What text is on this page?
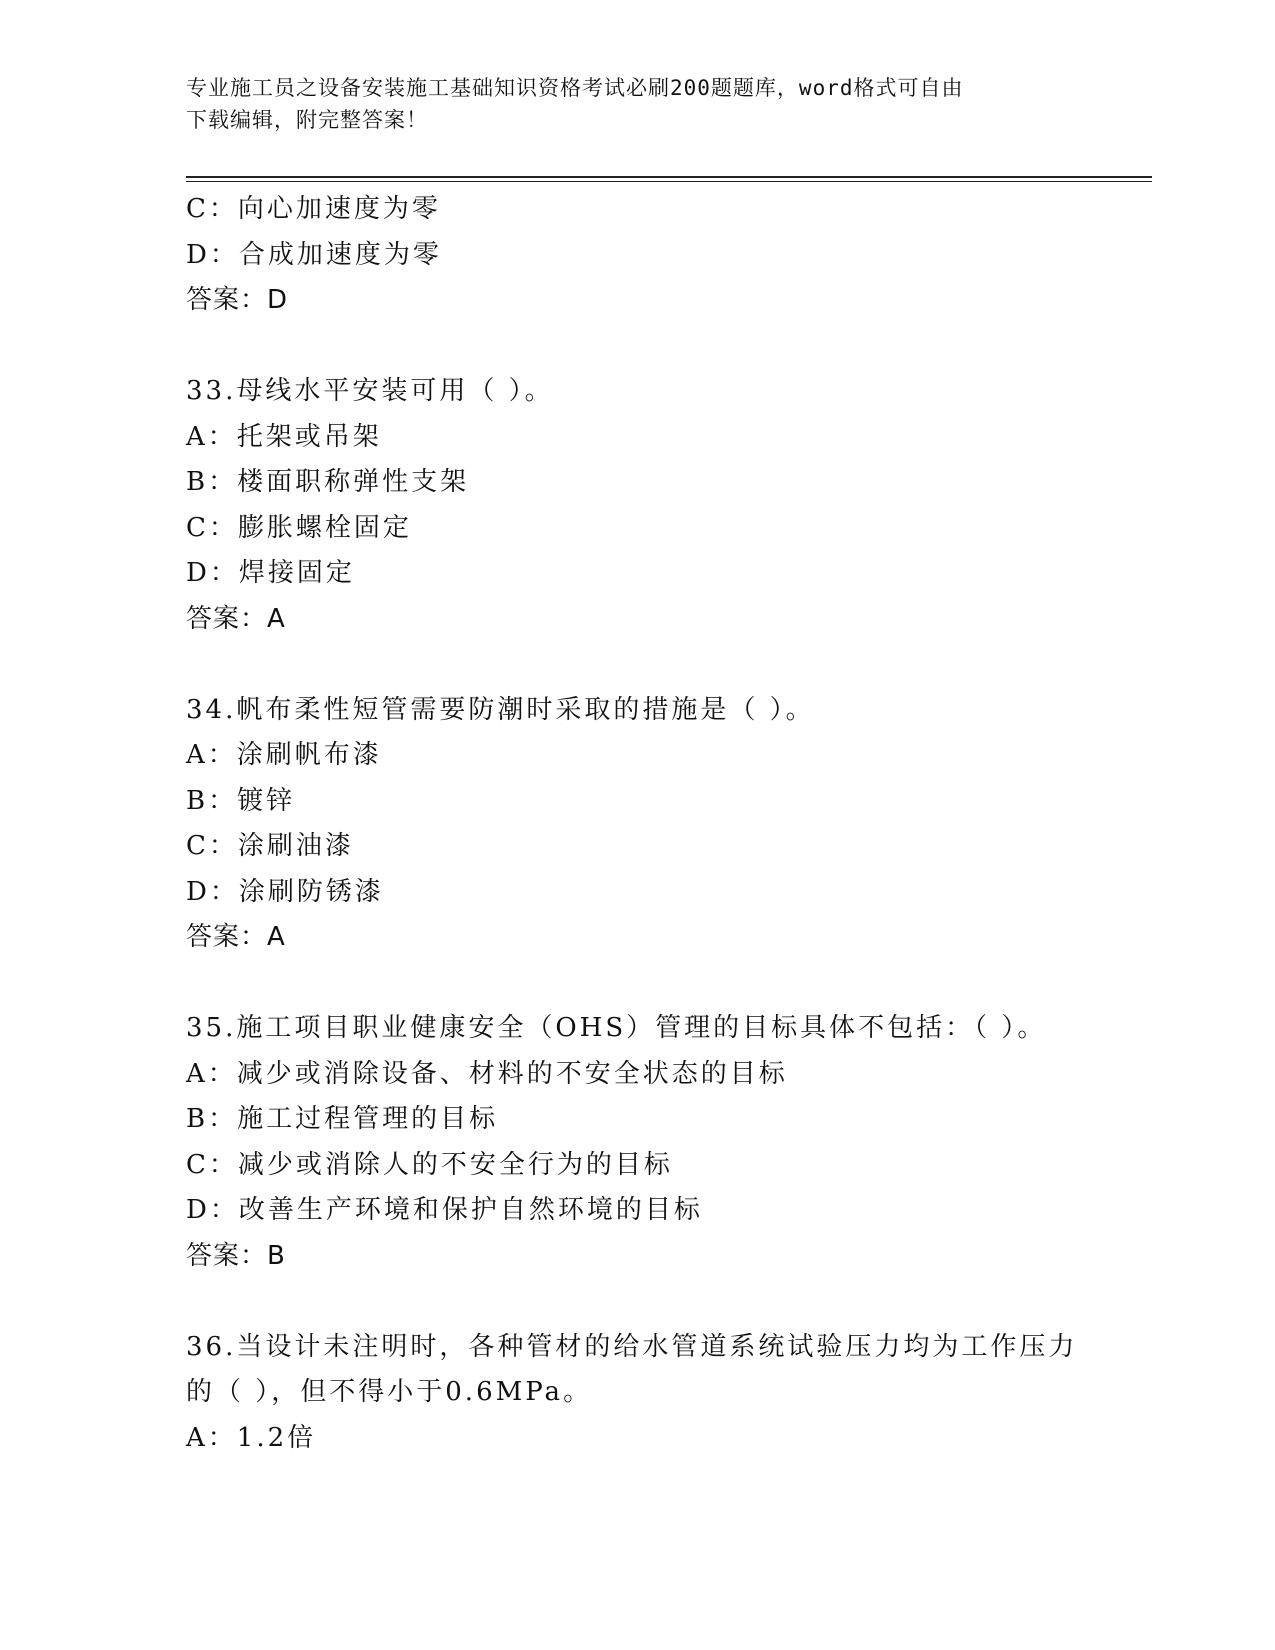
专业施工员之设备安装施工基础知识资格考试必刷200题题库，word格式可自由
下载编辑，附完整答案！
C：向心加速度为零
D：合成加速度为零
答案：D
33.母线水平安装可用（ ）。
A：托架或吊架
B：楼面职称弹性支架
C：膨胀螺栓固定
D：焊接固定
答案：A
34.帆布柔性短管需要防潮时采取的措施是（ ）。
A：涂刷帆布漆
B：镀锌
C：涂刷油漆
D：涂刷防锈漆
答案：A
35.施工项目职业健康安全（OHS）管理的目标具体不包括：（ ）。
A：减少或消除设备、材料的不安全状态的目标
B：施工过程管理的目标
C：减少或消除人的不安全行为的目标
D：改善生产环境和保护自然环境的目标
答案：B
36.当设计未注明时，各种管材的给水管道系统试验压力均为工作压力
的（ ），但不得小于0.6MPa。
A：1.2倍
